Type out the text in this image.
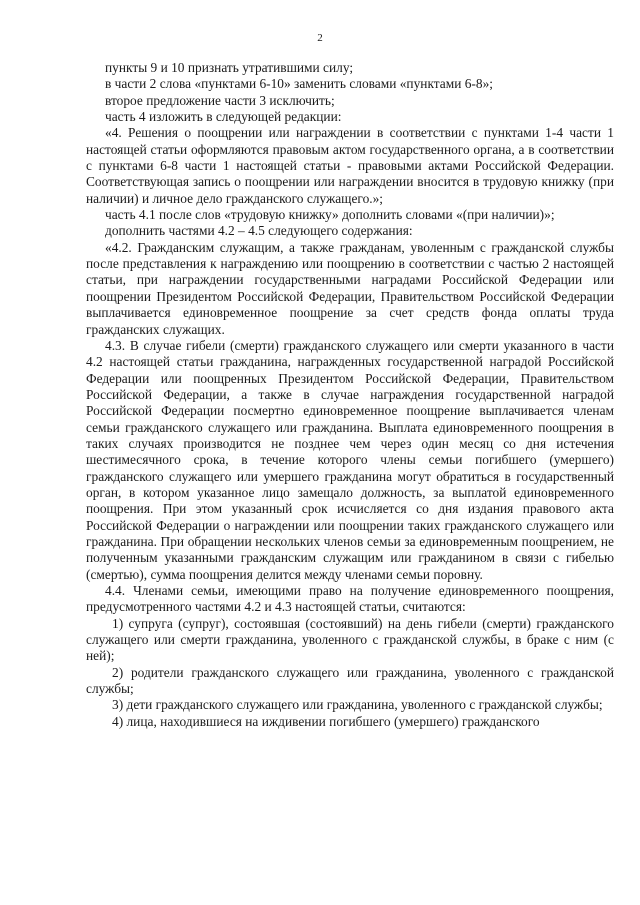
2

пункты 9 и 10 признать утратившими силу;

в части 2 слова «пунктами 6-10» заменить словами «пунктами 6-8»;

второе предложение части 3 исключить;

часть 4 изложить в следующей редакции:

«4. Решения о поощрении или награждении в соответствии с пунктами 1-4 части 1 настоящей статьи оформляются правовым актом государственного органа, а в соответствии с пунктами 6-8 части 1 настоящей статьи - правовыми актами Российской Федерации. Соответствующая запись о поощрении или награждении вносится в трудовую книжку (при наличии) и личное дело гражданского служащего.»;

часть 4.1 после слов «трудовую книжку» дополнить словами «(при наличии)»;

дополнить частями 4.2 – 4.5 следующего содержания:

«4.2. Гражданским служащим, а также гражданам, уволенным с гражданской службы после представления к награждению или поощрению в соответствии с частью 2 настоящей статьи, при награждении государственными наградами Российской Федерации или поощрении Президентом Российской Федерации, Правительством Российской Федерации выплачивается единовременное поощрение за счет средств фонда оплаты труда гражданских служащих.

4.3. В случае гибели (смерти) гражданского служащего или смерти указанного в части 4.2 настоящей статьи гражданина, награжденных государственной наградой Российской Федерации или поощренных Президентом Российской Федерации, Правительством Российской Федерации, а также в случае награждения государственной наградой Российской Федерации посмертно единовременное поощрение выплачивается членам семьи гражданского служащего или гражданина. Выплата единовременного поощрения в таких случаях производится не позднее чем через один месяц со дня истечения шестимесячного срока, в течение которого члены семьи погибшего (умершего) гражданского служащего или умершего гражданина могут обратиться в государственный орган, в котором указанное лицо замещало должность, за выплатой единовременного поощрения. При этом указанный срок исчисляется со дня издания правового акта Российской Федерации о награждении или поощрении таких гражданского служащего или гражданина. При обращении нескольких членов семьи за единовременным поощрением, не полученным указанными гражданским служащим или гражданином в связи с гибелью (смертью), сумма поощрения делится между членами семьи поровну.

4.4. Членами семьи, имеющими право на получение единовременного поощрения, предусмотренного частями 4.2 и 4.3 настоящей статьи, считаются:

1) супруга (супруг), состоявшая (состоявший) на день гибели (смерти) гражданского служащего или смерти гражданина, уволенного с гражданской службы, в браке с ним (с ней);

2) родители гражданского служащего или гражданина, уволенного с гражданской службы;

3) дети гражданского служащего или гражданина, уволенного с гражданской службы;

4) лица, находившиеся на иждивении погибшего (умершего) гражданского
